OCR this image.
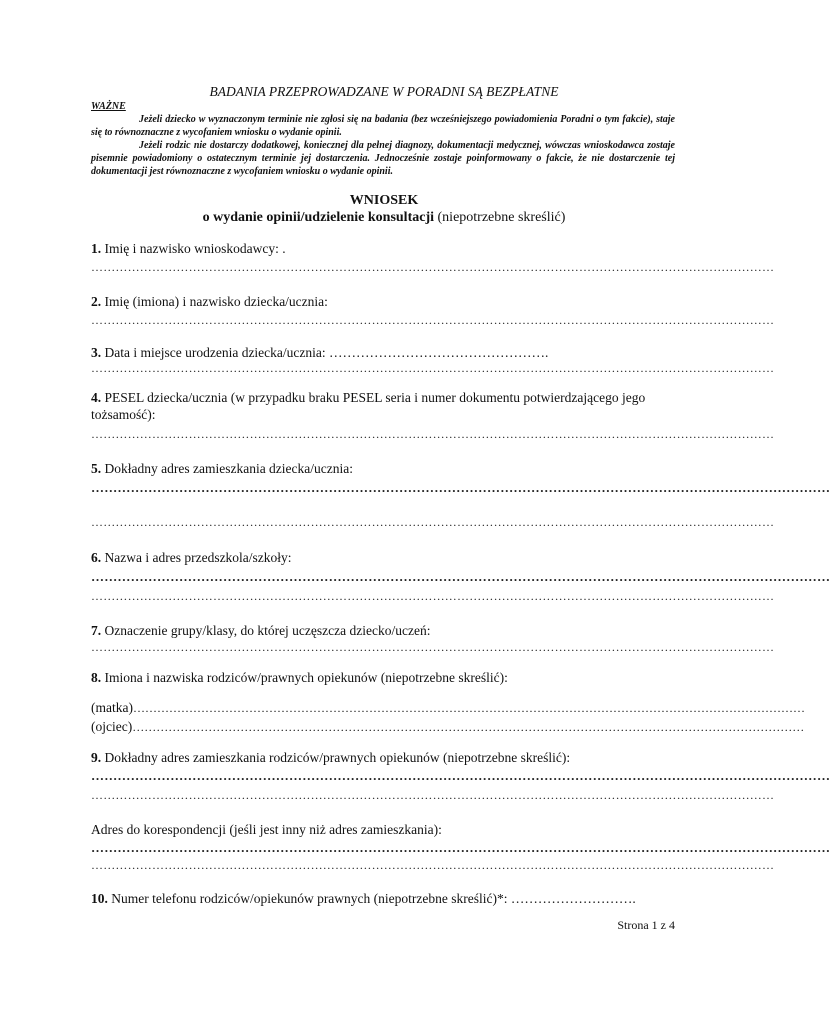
BADANIA PRZEPROWADZANE W PORADNI SĄ BEZPŁATNE
WAŻNE

Jeżeli dziecko w wyznaczonym terminie nie zgłosi się na badania (bez wcześniejszego powiadomienia Poradni o tym fakcie), staje się to równoznaczne z wycofaniem wniosku o wydanie opinii.

Jeżeli rodzic nie dostarczy dodatkowej, koniecznej dla pełnej diagnozy, dokumentacji medycznej, wówczas wnioskodawca zostaje pisemnie powiadomiony o ostatecznym terminie jej dostarczenia. Jednocześnie zostaje poinformowany o fakcie, że nie dostarczenie tej dokumentacji jest równoznaczne z wycofaniem wniosku o wydanie opinii.

WNIOSEK
o wydanie opinii/udzielenie konsultacji (niepotrzebne skreślić)
1. Imię i nazwisko wnioskodawcy: .
……………………………………………………………………………………………………………………………………………………
2. Imię (imiona) i nazwisko dziecka/ucznia:
……………………………………………………………………………………………………………………………………………………
3. Data i miejsce urodzenia dziecka/ucznia: ………………………………………….
……………………………………………………………………………………………………………………………………………………
4. PESEL dziecka/ucznia (w przypadku braku PESEL seria i numer dokumentu potwierdzającego jego tożsamość):
……………………………………………………………………………………………………………………………………………………
5. Dokładny adres zamieszkania dziecka/ucznia:
……………………………………………………………………………………………………………………………………………………
……………………………………………………………………………………………………………………………………………………
6. Nazwa i adres przedszkola/szkoły:
……………………………………………………………………………………………………………………………………………………
……………………………………………………………………………………………………………………………………………………
7. Oznaczenie grupy/klasy, do której uczęszcza dziecko/uczeń:
……………………………………………………………………………………………………………………………………………………
8. Imiona i nazwiska rodziców/prawnych opiekunów (niepotrzebne skreślić):
(matka)……………………………………………………………………………………………………………………………………………………
(ojciec)……………………………………………………………………………………………………………………………………………………
9. Dokładny adres zamieszkania rodziców/prawnych opiekunów (niepotrzebne skreślić):
……………………………………………………………………………………………………………………………………………………
……………………………………………………………………………………………………………………………………………………
Adres do korespondencji (jeśli jest inny niż adres zamieszkania):
……………………………………………………………………………………………………………………………………………………
……………………………………………………………………………………………………………………………………………………
10. Numer telefonu rodziców/opiekunów prawnych (niepotrzebne skreślić)*: ……………………….
Strona 1 z 4
